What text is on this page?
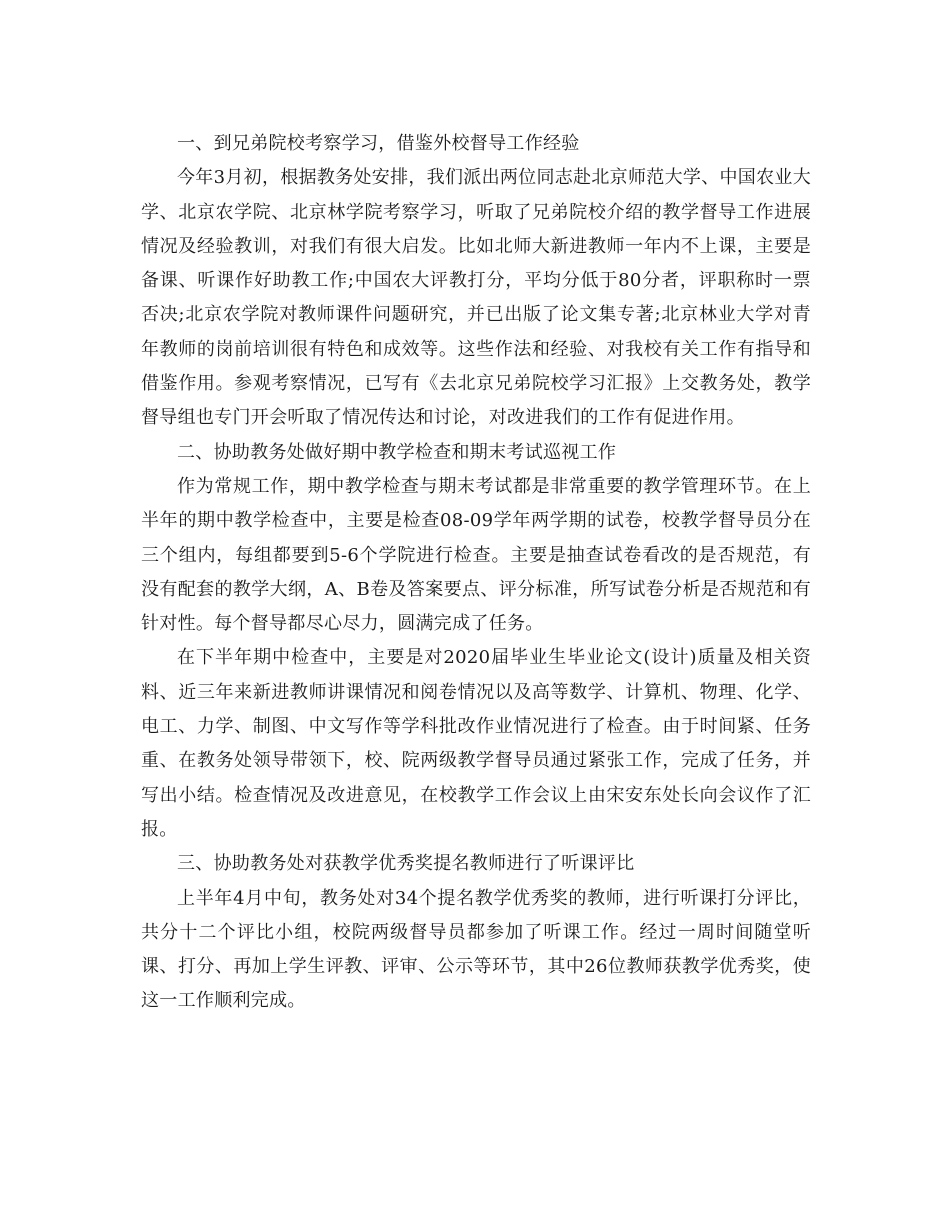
一、到兄弟院校考察学习，借鉴外校督导工作经验

今年3月初，根据教务处安排，我们派出两位同志赴北京师范大学、中国农业大学、北京农学院、北京林学院考察学习，听取了兄弟院校介绍的教学督导工作进展情况及经验教训，对我们有很大启发。比如北师大新进教师一年内不上课，主要是备课、听课作好助教工作;中国农大评教打分，平均分低于80分者，评职称时一票否决;北京农学院对教师课件问题研究，并已出版了论文集专著;北京林业大学对青年教师的岗前培训很有特色和成效等。这些作法和经验、对我校有关工作有指导和借鉴作用。参观考察情况，已写有《去北京兄弟院校学习汇报》上交教务处，教学督导组也专门开会听取了情况传达和讨论，对改进我们的工作有促进作用。

二、协助教务处做好期中教学检查和期末考试巡视工作

作为常规工作，期中教学检查与期末考试都是非常重要的教学管理环节。在上半年的期中教学检查中，主要是检查08-09学年两学期的试卷，校教学督导员分在三个组内，每组都要到5-6个学院进行检查。主要是抽查试卷看改的是否规范，有没有配套的教学大纲，A、B卷及答案要点、评分标准，所写试卷分析是否规范和有针对性。每个督导都尽心尽力，圆满完成了任务。

在下半年期中检查中，主要是对2020届毕业生毕业论文(设计)质量及相关资料、近三年来新进教师讲课情况和阅卷情况以及高等数学、计算机、物理、化学、电工、力学、制图、中文写作等学科批改作业情况进行了检查。由于时间紧、任务重、在教务处领导带领下，校、院两级教学督导员通过紧张工作，完成了任务，并写出小结。检查情况及改进意见，在校教学工作会议上由宋安东处长向会议作了汇报。

三、协助教务处对获教学优秀奖提名教师进行了听课评比

上半年4月中旬，教务处对34个提名教学优秀奖的教师，进行听课打分评比，共分十二个评比小组，校院两级督导员都参加了听课工作。经过一周时间随堂听课、打分、再加上学生评教、评审、公示等环节，其中26位教师获教学优秀奖，使这一工作顺利完成。
